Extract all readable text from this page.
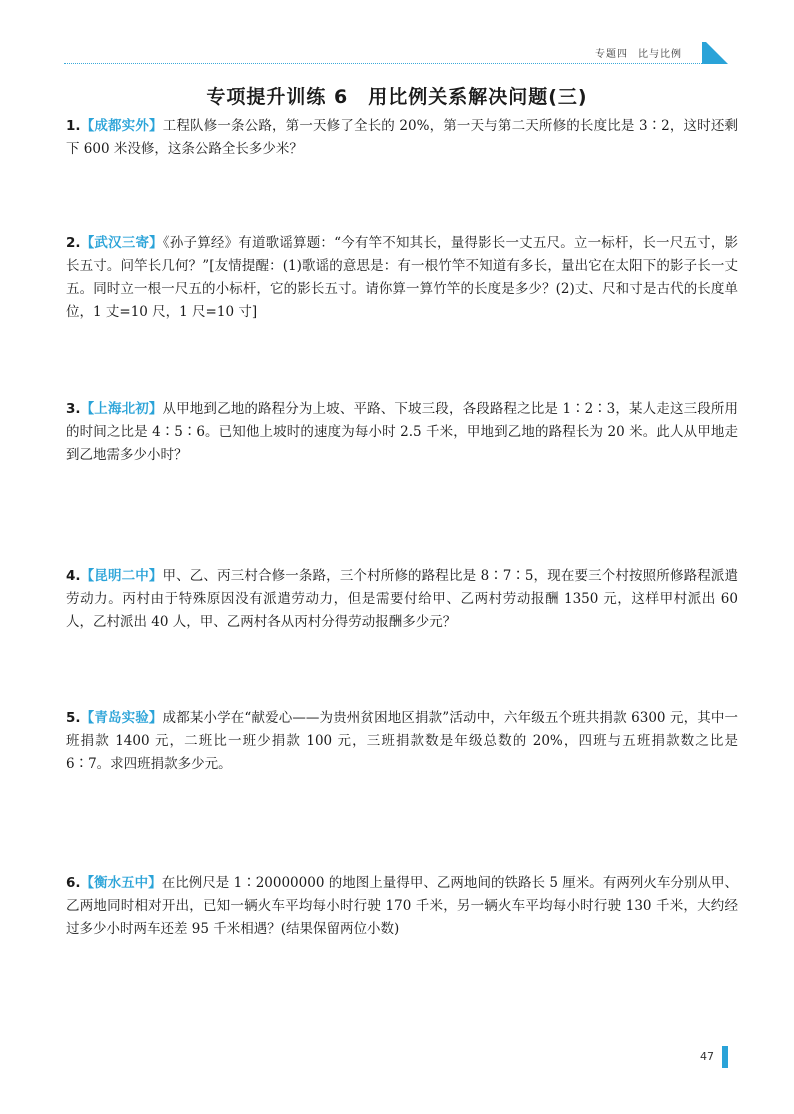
专题四 比与比例
专项提升训练 6　用比例关系解决问题(三)
1.【成都实外】工程队修一条公路，第一天修了全长的 20%，第一天与第二天所修的长度比是 3∶2，这时还剩下 600 米没修，这条公路全长多少米？
2.【武汉三寄】《孙子算经》有道歌谣算题：“今有竿不知其长，量得影长一丈五尺。立一标杆，长一尺五寸，影长五寸。问竿长几何？”[友情提醒：(1)歌谣的意思是：有一根竹竿不知道有多长，量出它在太阳下的影子长一丈五。同时立一根一尺五的小标杆，它的影长五寸。请你算一算竹竿的长度是多少？(2)丈、尺和寸是古代的长度单位，1 丈=10 尺，1 尺=10 寸]
3.【上海北初】从甲地到乙地的路程分为上坡、平路、下坡三段，各段路程之比是 1∶2∶3，某人走这三段所用的时间之比是 4∶5∶6。已知他上坡时的速度为每小时 2.5 千米，甲地到乙地的路程长为 20 米。此人从甲地走到乙地需多少小时？
4.【昆明二中】甲、乙、丙三村合修一条路，三个村所修的路程比是 8∶7∶5，现在要三个村按照所修路程派遣劳动力。丙村由于特殊原因没有派遣劳动力，但是需要付给甲、乙两村劳动报酬 1350 元，这样甲村派出 60 人，乙村派出 40 人，甲、乙两村各从丙村分得劳动报酬多少元？
5.【青岛实验】成都某小学在“献爱心——为贵州贫困地区捐款”活动中，六年级五个班共捐款 6300 元，其中一班捐款 1400 元，二班比一班少捐款 100 元，三班捐款数是年级总数的 20%，四班与五班捐款数之比是 6∶7。求四班捐款多少元。
6.【衡水五中】在比例尺是 1∶20000000 的地图上量得甲、乙两地间的铁路长 5 厘米。有两列火车分别从甲、乙两地同时相对开出，已知一辆火车平均每小时行驶 170 千米，另一辆火车平均每小时行驶 130 千米，大约经过多少小时两车还差 95 千米相遇？(结果保留两位小数)
47
